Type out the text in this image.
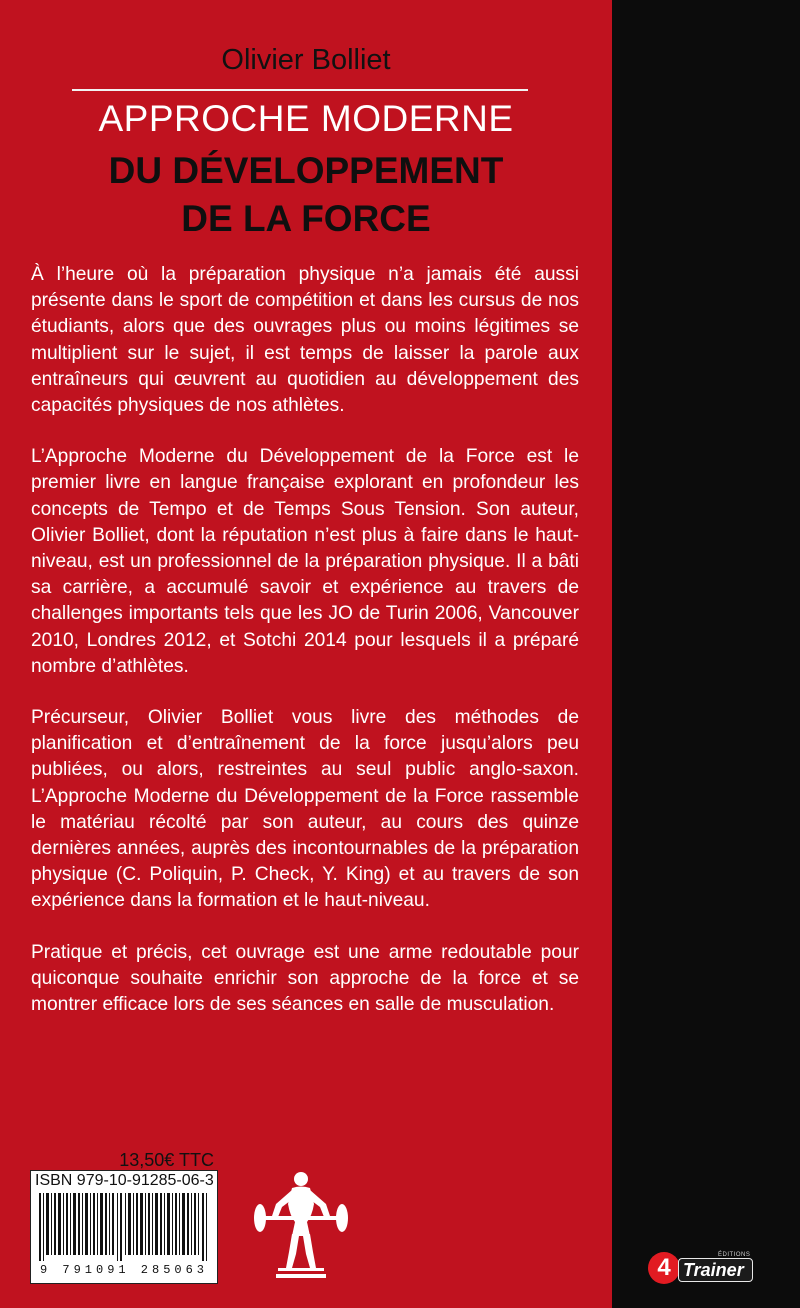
Olivier Bolliet
APPROCHE MODERNE
DU DÉVELOPPEMENT
DE LA FORCE

À l’heure où la préparation physique n’a jamais été aussi présente dans le sport de compétition et dans les cursus de nos étudiants, alors que des ouvrages plus ou moins légitimes se multiplient sur le sujet, il est temps de laisser la parole aux entraîneurs qui œuvrent au quotidien au développement des capacités physiques de nos athlètes.

L’Approche Moderne du Développement de la Force est le premier livre en langue française explorant en profondeur les concepts de Tempo et de Temps Sous Tension. Son auteur, Olivier Bolliet, dont la réputation n’est plus à faire dans le haut-niveau, est un professionnel de la préparation physique. Il a bâti sa carrière, a accumulé savoir et expérience au travers de challenges importants tels que les JO de Turin 2006, Vancouver 2010, Londres 2012, et Sotchi 2014 pour lesquels il a préparé nombre d’athlètes.

Précurseur, Olivier Bolliet vous livre des méthodes de planification et d’entraînement de la force jusqu’alors peu publiées, ou alors, restreintes au seul public anglo-saxon. L’Approche Moderne du Développement de la Force rassemble le matériau récolté par son auteur, au cours des quinze dernières années, auprès des incontournables de la préparation physique (C. Poliquin, P. Check, Y. King) et au travers de son expérience dans la formation et le haut-niveau.

Pratique et précis, cet ouvrage est une arme redoutable pour quiconque souhaite enrichir son approche de la force et se montrer efficace lors de ses séances en salle de musculation.

13,50€ TTC
ISBN 979-10-91285-06-3
9 791091 285063	4 Trainer
ÉDITIONS
